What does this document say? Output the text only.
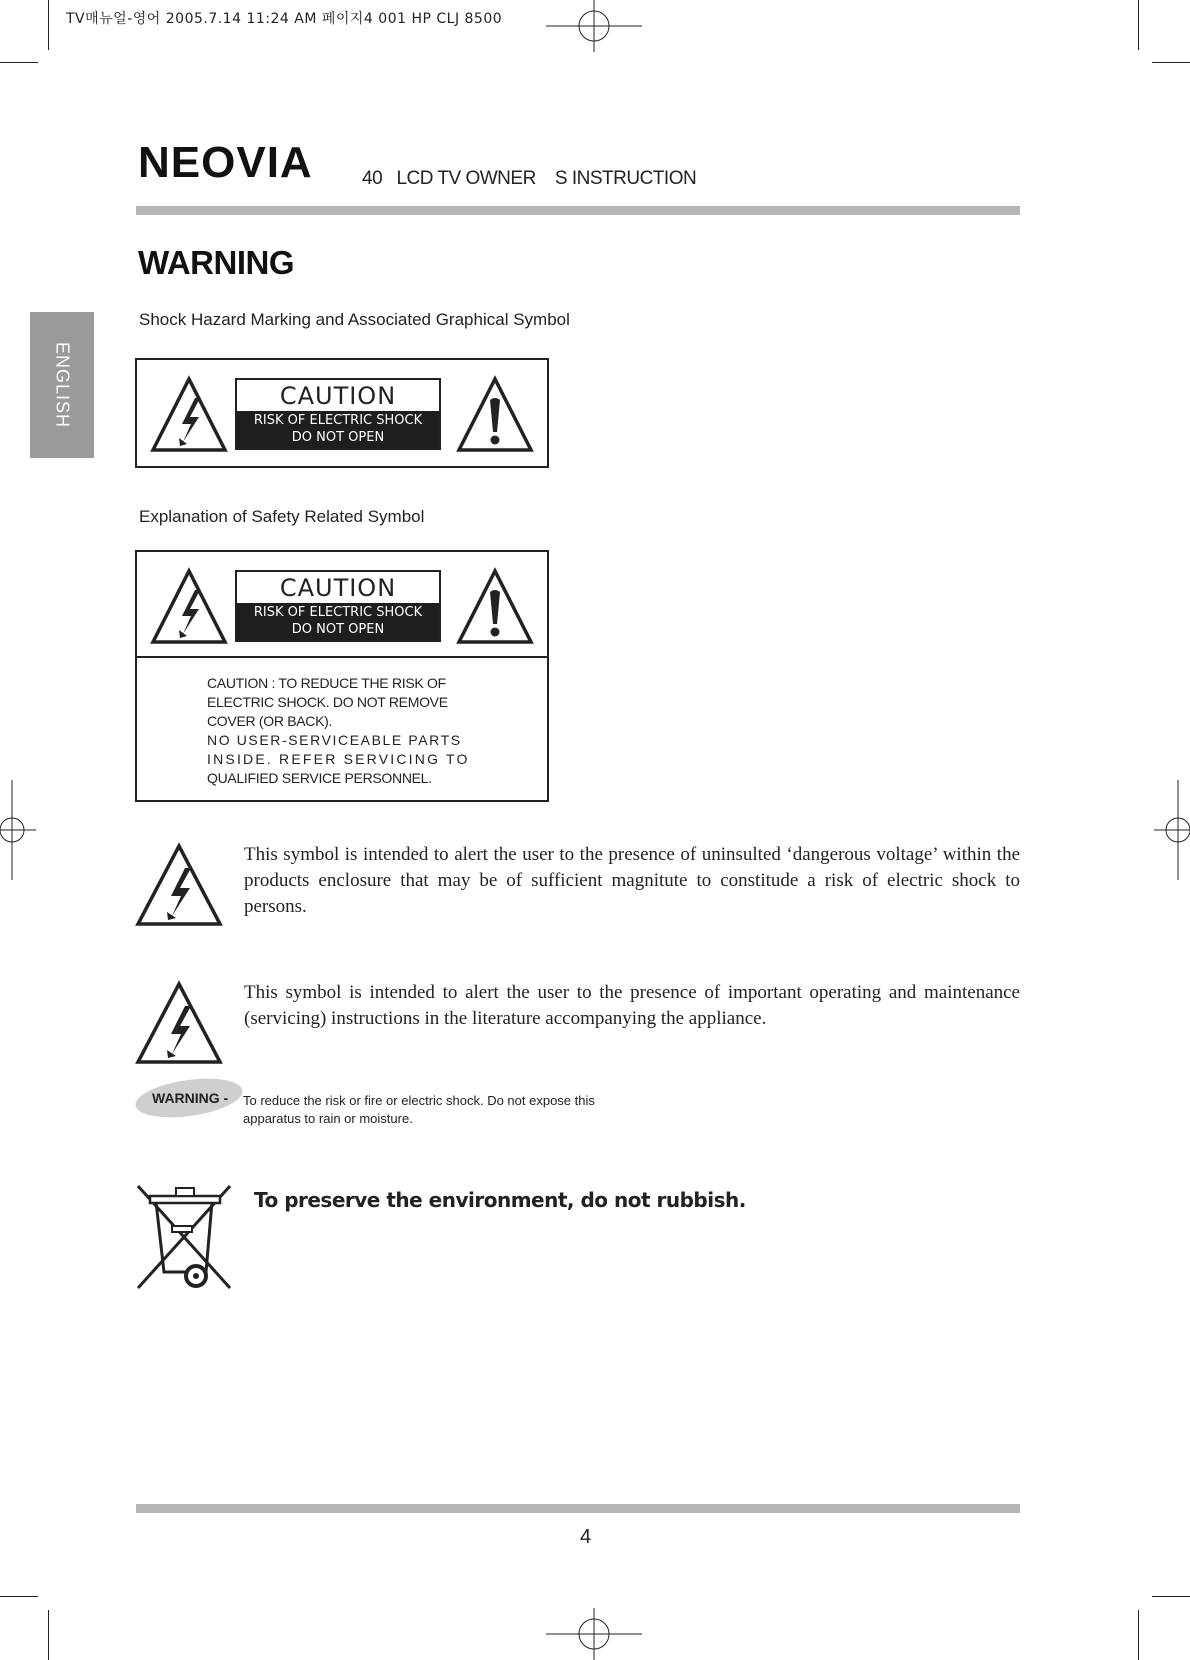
TV매뉴얼-영어 2005.7.14 11:24 AM 페이지4 001 HP CLJ 8500
NEOVIA	40   LCD TV OWNER    S INSTRUCTION
ENGLISH
WARNING
Shock Hazard Marking and Associated Graphical Symbol
CAUTION
RISK OF ELECTRIC SHOCK
DO NOT OPEN
Explanation of Safety Related Symbol
CAUTION
RISK OF ELECTRIC SHOCK
DO NOT OPEN
CAUTION : TO REDUCE THE RISK OF
ELECTRIC SHOCK. DO NOT REMOVE
COVER (OR BACK).
NO USER-SERVICEABLE PARTS
INSIDE. REFER SERVICING TO
QUALIFIED SERVICE PERSONNEL.
This symbol is intended to alert the user to the presence of uninsulted ‘dangerous voltage’ within the products enclosure that may be of sufficient magnitute to constitude a risk of electric shock to persons.
This symbol is intended to alert the user to the presence of important operating and maintenance (servicing) instructions in the literature accompanying the appliance.
WARNING - To reduce the risk or fire or electric shock. Do not expose this apparatus to rain or moisture.
To preserve the environment, do not rubbish.
4
